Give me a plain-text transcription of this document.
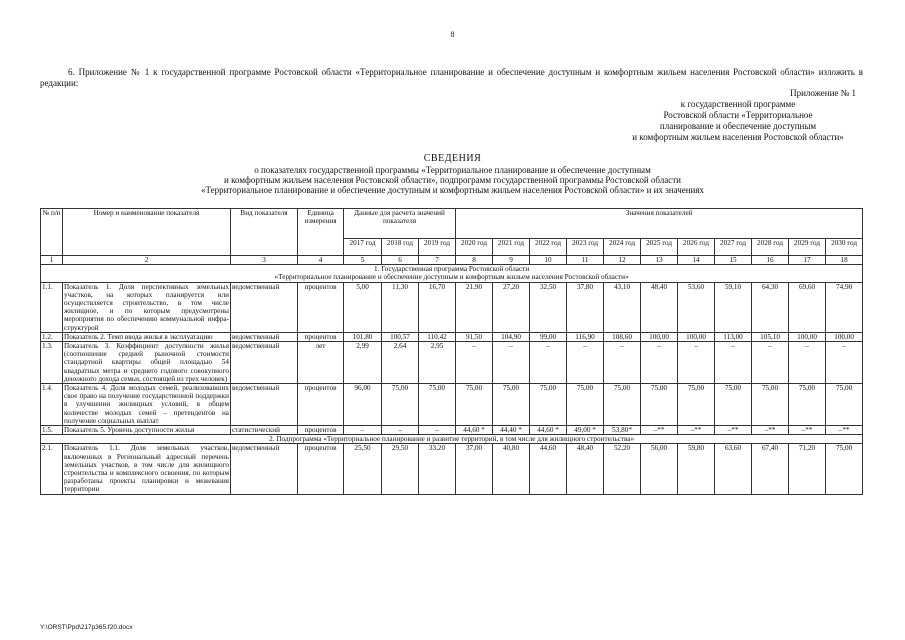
8
6. Приложение № 1 к государственной программе Ростовской области «Территориальное планирование и обеспечение доступным и комфортным жильем населения Ростовской области» изложить в редакции:
Приложение № 1
к государственной программе
Ростовской области «Территориальное
планирование и обеспечение доступным
и комфортным жильем населения Ростовской области»
СВЕДЕНИЯ
о показателях государственной программы «Территориальное планирование и обеспечение доступным
и комфортным жильем населения Ростовской области», подпрограмм государственной программы Ростовской области
«Территориальное планирование и обеспечение доступным и комфортным жильем населения Ростовской области» и их значениях
№ п/п	Номер и наименование показателя	Вид показателя	Единица измерения	Данные для расчета значений показателя			Значения показателей										
				2017 год	2018 год	2019 год	2020 год	2021 год	2022 год	2023 год	2024 год	2025 год	2026 год	2027 год	2028 год	2029 год	2030 год
1	2	3	4	5	6	7	8	9	10	11	12	13	14	15	16	17	18

1. Государственная программа Ростовской области
«Территориальное планирование и обеспечение доступным и комфортным жильем населения Ростовской области»																	

1.1.	Показатель 1. Доля перспективных земельных участков, на которых планируется или осуществляется строительство, в том числе жилищное, и по которым предусмотрены мероприятия по обеспечению коммунальной инфра-структурой	ведомственный	процентов	5,00	11,30	16,70	21,90	27,20	32,50	37,80	43,10	48,40	53,60	59,10	64,30	69,60	74,90
1.2.	Показатель 2. Темп ввода жилья в эксплуатацию	ведомственный	процентов	101,80	100,57	110,42	91,50	104,90	99,00	116,90	108,60	100,00	100,00	113,00	105,10	100,00	100,00
1.3.	Показатель 3. Коэффициент доступности жилья (соотношение средней рыночной стоимости стандартной квартиры общей площадью 54 квадратных метра и среднего годового совокупного денежного дохода семьи, состоящей из трех человек)	ведомственный	лет	2,99	2,64	2,95	–	–	–	–	–	–	–	–	–	–	–
1.4.	Показатель 4. Доля молодых семей, реализовавших свое право на получение государственной поддержки в улучшении жилищных условий, в общем количестве молодых семей – претендентов на получение социальных выплат	ведомственный	процентов	96,00	75,00	75,00	75,00	75,00	75,00	75,00	75,00	75,00	75,00	75,00	75,00	75,00	75,00
1.5.	Показатель 5. Уровень доступности жилья	статистический	процентов	–	–	–	44,60 *	44,40 *	44,60 *	49,00 *	53,80*	–**	–**	–**	–**	–**	–**

2. Подпрограмма «Территориальное планирование и развитие территорий, в том числе для жилищного строительства»																	

2.1.	Показатель 1.1. Доля земельных участков, включенных в Региональный адресный перечень земельных участков, в том числе для жилищного строительства и комплексного освоения, по которым разработаны проекты планировки и межевания территории	ведомственный	процентов	25,50	29,50	33,20	37,00	40,80	44,60	48,40	52,20	56,00	59,80	63,60	67,40	71,20	75,00
Y:\ORST\Ppd\217p365.f20.docx
